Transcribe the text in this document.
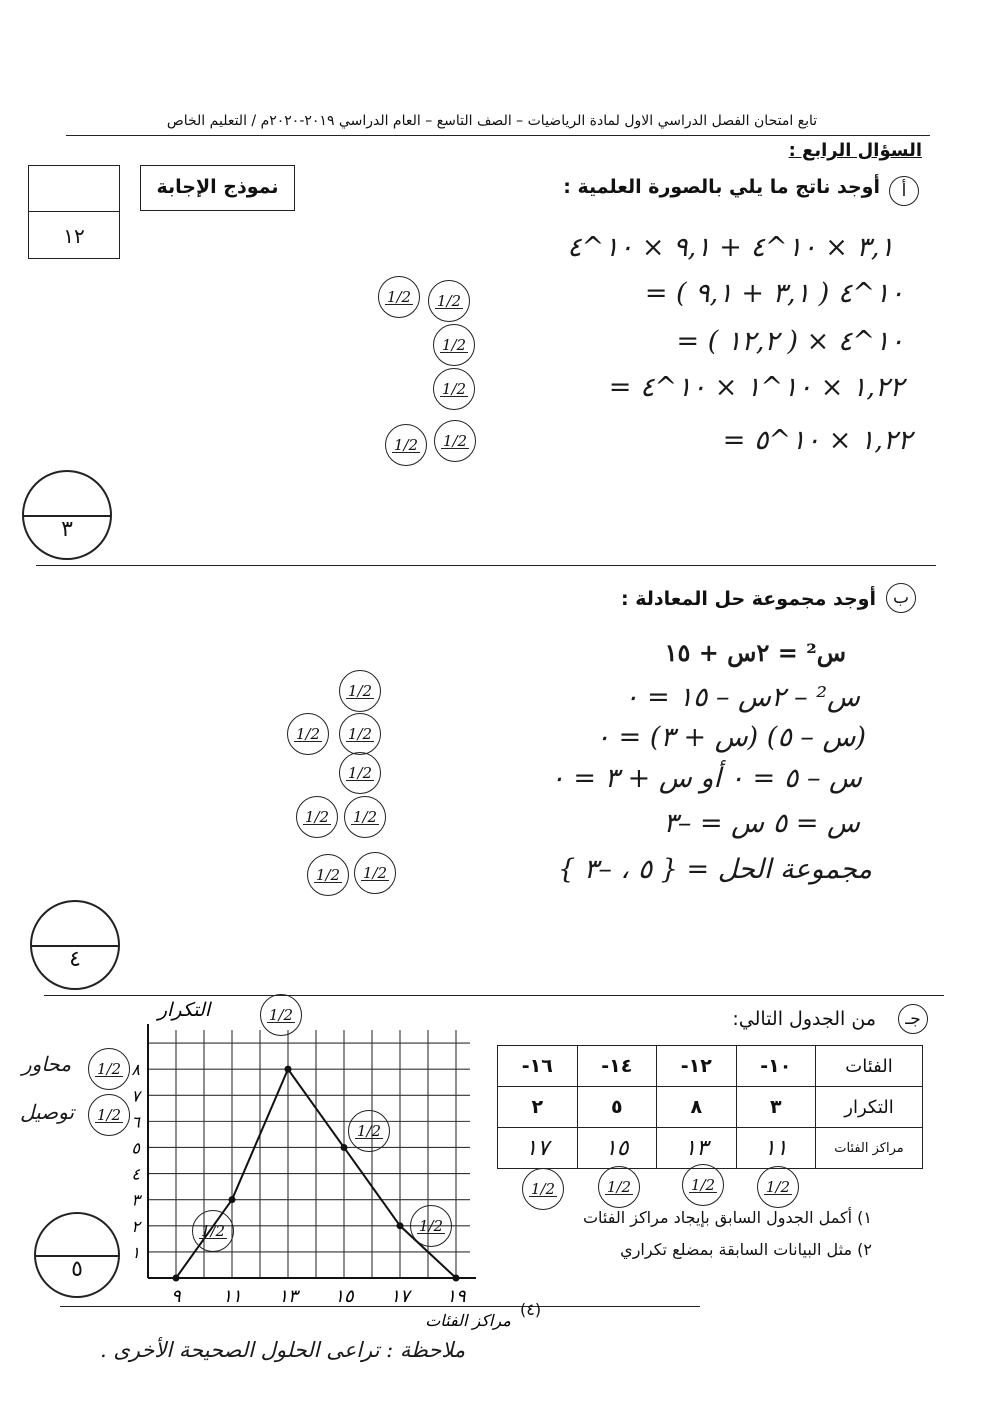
تابع امتحان الفصل الدراسي الاول لمادة الرياضيات – الصف التاسع – العام الدراسي ٢٠١٩-٢٠٢٠م / التعليم الخاص
السؤال الرابع :
١٢
نموذج الإجابة	أ
أوجد ناتج ما يلي بالصورة العلمية :
٣,١ × ١٠^٤ + ٩,١ × ١٠^٤
= ١٠^٤ ( ٣,١ + ٩,١ )
= ١٠^٤ × ( ١٢,٢ )
= ١,٢٢ × ١٠^١ × ١٠^٤
= ١,٢٢ × ١٠^٥
1/2 1/2
1/2
1/2
1/2 1/2
٣
ب
أوجد مجموعة حل المعادلة :
س² = ٢س + ١٥
س² – ٢س – ١٥ = ٠
(س – ٥) (س + ٣) = ٠
س – ٥ = ٠ أو س + ٣ = ٠
س = ٥ س = –٣
مجموعة الحل = { ٥ ، –٣ }
1/2
1/2 1/2
1/2
1/2 1/2
1/2 1/2
٤
جـ
من الجدول التالي:
الفئات	١٠-	١٢-	١٤-	١٦-
التكرار	٣	٨	٥	٢
مراكز الفئات	١١	١٣	١٥	١٧
1/2	1/2	1/2	1/2
١) أكمل الجدول السابق بإيجاد مراكز الفئات
٢) مثل البيانات السابقة بمضلع تكراري
محاور
توصيل
1/2
1/2
٥
٩ ١١ ١٣ ١٥ ١٧ ١٩
١
٢
٣
٤
٥
٦
٧
٨
التكرار
مراكز الفئات
1/2
1/2
1/2	1/2
(٤)
ملاحظة : تراعى الحلول الصحيحة الأخرى .
